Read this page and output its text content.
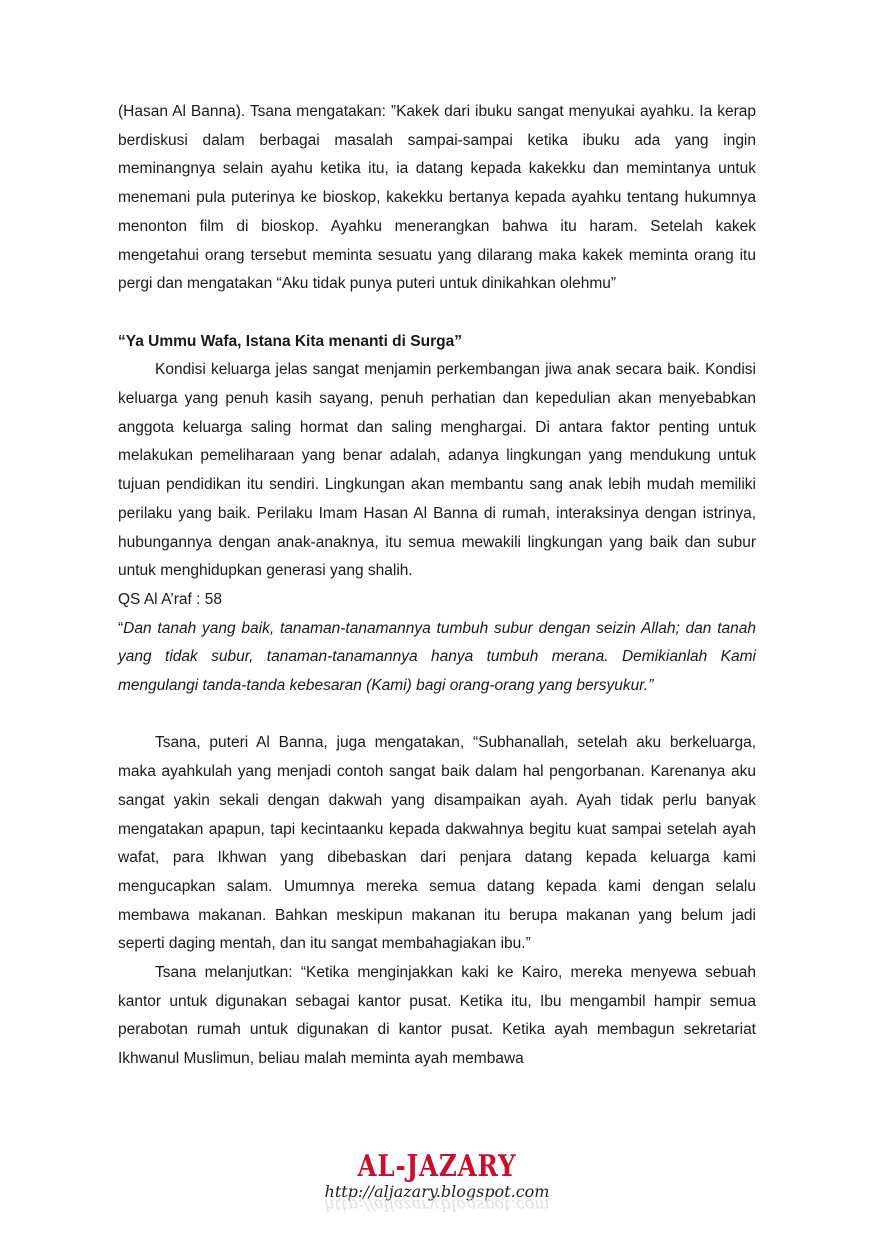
(Hasan Al Banna). Tsana mengatakan: ”Kakek dari ibuku sangat menyukai ayahku. Ia kerap berdiskusi dalam berbagai masalah sampai-sampai ketika ibuku ada yang ingin meminangnya selain ayahu ketika itu, ia datang kepada kakekku dan memintanya untuk menemani pula puterinya ke bioskop, kakekku bertanya kepada ayahku tentang hukumnya menonton film di bioskop. Ayahku menerangkan bahwa itu haram. Setelah kakek mengetahui orang tersebut meminta sesuatu yang dilarang maka kakek meminta orang itu pergi dan mengatakan “Aku tidak punya puteri untuk dinikahkan olehmu”

“Ya Ummu Wafa, Istana Kita menanti di Surga”

Kondisi keluarga jelas sangat menjamin perkembangan jiwa anak secara baik. Kondisi keluarga yang penuh kasih sayang, penuh perhatian dan kepedulian akan menyebabkan anggota keluarga saling hormat dan saling menghargai. Di antara faktor penting untuk melakukan pemeliharaan yang benar adalah, adanya lingkungan yang mendukung untuk tujuan pendidikan itu sendiri. Lingkungan akan membantu sang anak lebih mudah memiliki perilaku yang baik. Perilaku Imam Hasan Al Banna di rumah, interaksinya dengan istrinya, hubungannya dengan anak-anaknya, itu semua mewakili lingkungan yang baik dan subur untuk menghidupkan generasi yang shalih.

QS Al A’raf : 58

“Dan tanah yang baik, tanaman-tanamannya tumbuh subur dengan seizin Allah; dan tanah yang tidak subur, tanaman-tanamannya hanya tumbuh merana. Demikianlah Kami mengulangi tanda-tanda kebesaran (Kami) bagi orang-orang yang bersyukur.”

Tsana, puteri Al Banna, juga mengatakan, “Subhanallah, setelah aku berkeluarga, maka ayahkulah yang menjadi contoh sangat baik dalam hal pengorbanan. Karenanya aku sangat yakin sekali dengan dakwah yang disampaikan ayah. Ayah tidak perlu banyak mengatakan apapun, tapi kecintaanku kepada dakwahnya begitu kuat sampai setelah ayah wafat, para Ikhwan yang dibebaskan dari penjara datang kepada keluarga kami mengucapkan salam. Umumnya mereka semua datang kepada kami dengan selalu membawa makanan. Bahkan meskipun makanan itu berupa makanan yang belum jadi seperti daging mentah, dan itu sangat membahagiakan ibu.”

Tsana melanjutkan: “Ketika menginjakkan kaki ke Kairo, mereka menyewa sebuah kantor untuk digunakan sebagai kantor pusat. Ketika itu, Ibu mengambil hampir semua perabotan rumah untuk digunakan di kantor pusat. Ketika ayah membagun sekretariat Ikhwanul Muslimun, beliau malah meminta ayah membawa

AL-JAZARY
http://aljazary.blogspot.com
http://aljazary.blogspot.com
